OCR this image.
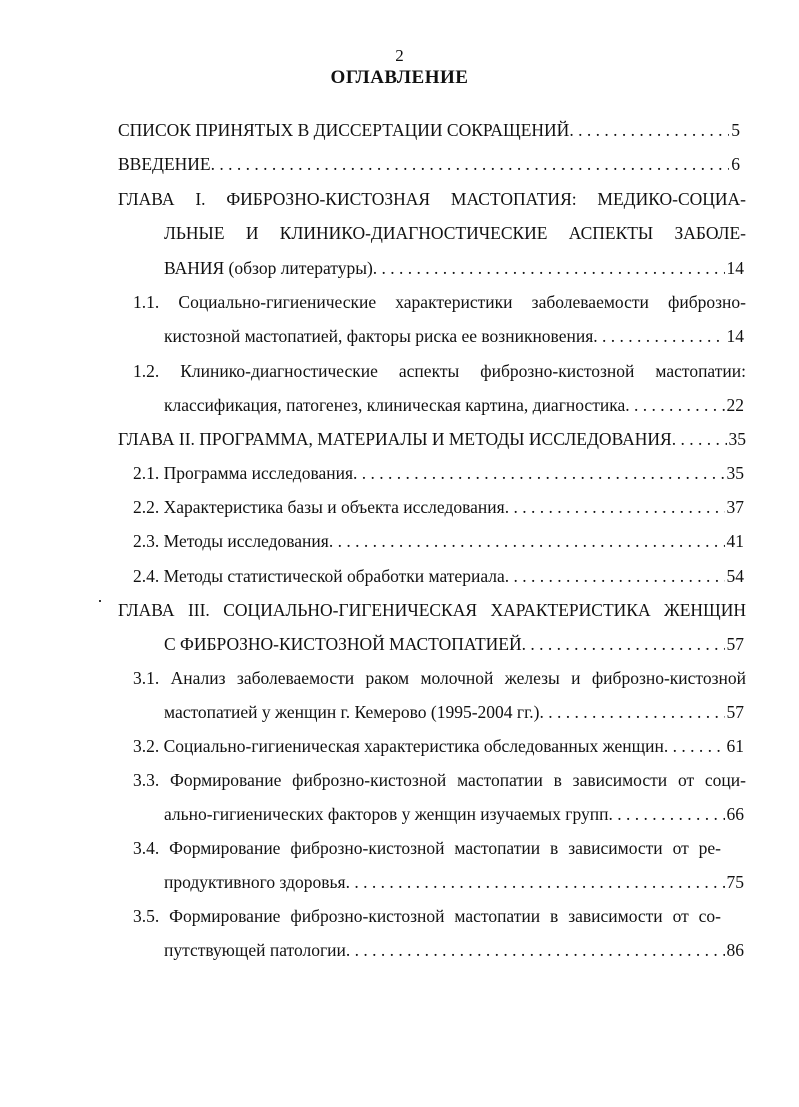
2
ОГЛАВЛЕНИЕ
СПИСОК ПРИНЯТЫХ В ДИССЕРТАЦИИ СОКРАЩЕНИЙ . . .	5
ВВЕДЕНИЕ . . .	6
ГЛАВА I. ФИБРОЗНО-КИСТОЗНАЯ МАСТОПАТИЯ: МЕДИКО-СОЦИА-
ЛЬНЫЕ И КЛИНИКО-ДИАГНОСТИЧЕСКИЕ АСПЕКТЫ ЗАБОЛЕ-
ВАНИЯ (обзор литературы) . . .	14
1.1. Социально-гигиенические характеристики заболеваемости фиброзно-
кистозной мастопатией, факторы риска ее возникновения . . .	14
1.2. Клинико-диагностические аспекты фиброзно-кистозной мастопатии:
классификация, патогенез, клиническая картина, диагностика . . .	22
ГЛАВА II. ПРОГРАММА, МАТЕРИАЛЫ И МЕТОДЫ ИССЛЕДОВАНИЯ . . .	35
2.1. Программа исследования . . .	35
2.2. Характеристика базы и объекта исследования . . .	37
2.3. Методы исследования . . .	41
2.4. Методы статистической обработки материала . . .	54
ГЛАВА III. СОЦИАЛЬНО-ГИГЕНИЧЕСКАЯ ХАРАКТЕРИСТИКА ЖЕНЩИН
С ФИБРОЗНО-КИСТОЗНОЙ МАСТОПАТИЕЙ . . .	57
3.1. Анализ заболеваемости раком молочной железы и фиброзно-кистозной
мастопатией у женщин г. Кемерово (1995-2004 гг.) . . .	57
3.2. Социально-гигиеническая характеристика обследованных женщин . . .	61
3.3. Формирование фиброзно-кистозной мастопатии в зависимости от соци-
ально-гигиенических факторов у женщин изучаемых групп . . .	66
3.4. Формирование фиброзно-кистозной мастопатии в зависимости от ре-
продуктивного здоровья . . .	75
3.5. Формирование фиброзно-кистозной мастопатии в зависимости от со-
путствующей патологии . . .	86
